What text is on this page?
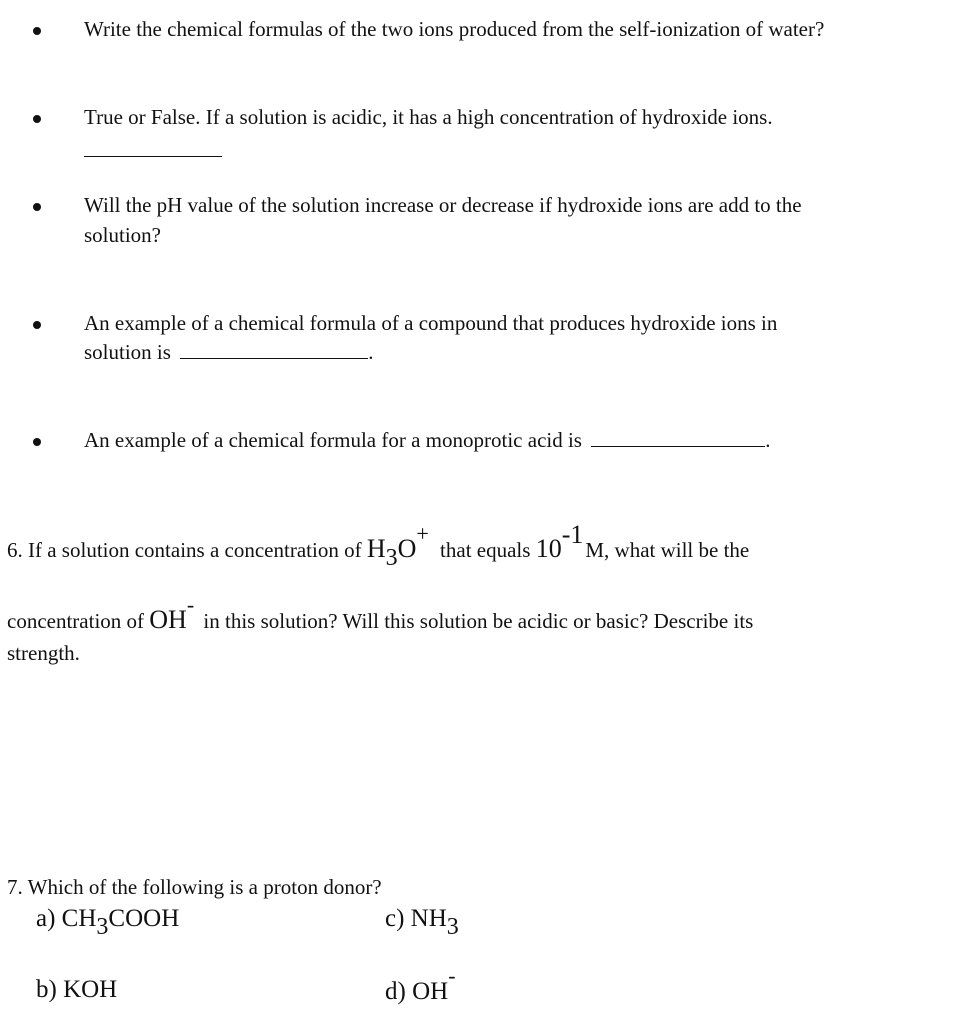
Write the chemical formulas of the two ions produced from the self-ionization of water?
True or False. If a solution is acidic, it has a high concentration of hydroxide ions.
Will the pH value of the solution increase or decrease if hydroxide ions are add to the
solution?
An example of a chemical formula of a compound that produces hydroxide ions in
solution is	.
An example of a chemical formula for a monoprotic acid is	.
6. If a solution contains a concentration of $H_3O^+$ that equals $10^{-1}M$, what will be the
concentration of OH- in this solution? Will this solution be acidic or basic? Describe its
strength.
7. Which of the following is a proton donor?
a) $CH_3COOH$	c) $NH_3$
b) KOH	d) OH-
